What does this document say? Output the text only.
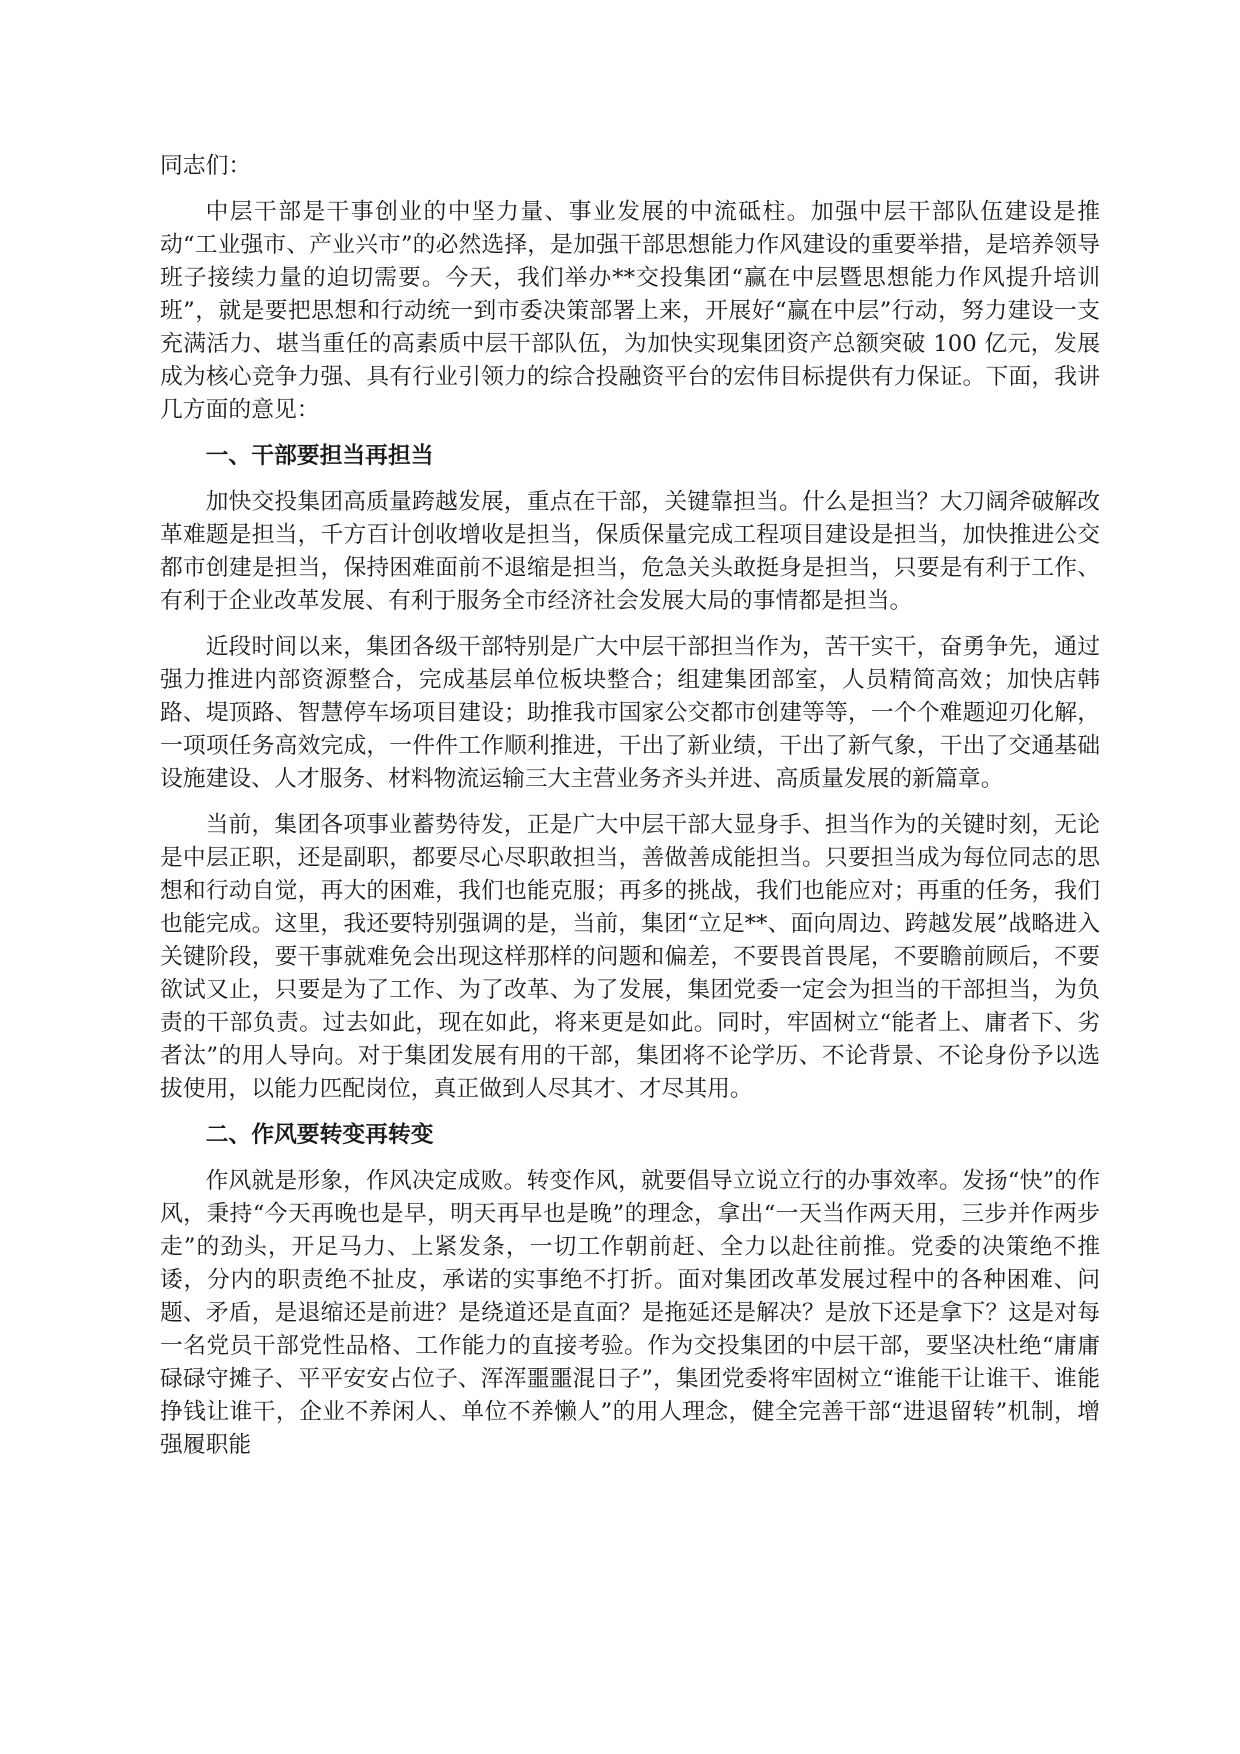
同志们：

中层干部是干事创业的中坚力量、事业发展的中流砥柱。加强中层干部队伍建设是推动“工业强市、产业兴市”的必然选择，是加强干部思想能力作风建设的重要举措，是培养领导班子接续力量的迫切需要。今天，我们举办**交投集团“赢在中层暨思想能力作风提升培训班”，就是要把思想和行动统一到市委决策部署上来，开展好“赢在中层”行动，努力建设一支充满活力、堪当重任的高素质中层干部队伍，为加快实现集团资产总额突破 100 亿元，发展成为核心竞争力强、具有行业引领力的综合投融资平台的宏伟目标提供有力保证。下面，我讲几方面的意见：

一、干部要担当再担当

加快交投集团高质量跨越发展，重点在干部，关键靠担当。什么是担当？大刀阔斧破解改革难题是担当，千方百计创收增收是担当，保质保量完成工程项目建设是担当，加快推进公交都市创建是担当，保持困难面前不退缩是担当，危急关头敢挺身是担当，只要是有利于工作、有利于企业改革发展、有利于服务全市经济社会发展大局的事情都是担当。

近段时间以来，集团各级干部特别是广大中层干部担当作为，苦干实干，奋勇争先，通过强力推进内部资源整合，完成基层单位板块整合；组建集团部室，人员精简高效；加快店韩路、堤顶路、智慧停车场项目建设；助推我市国家公交都市创建等等，一个个难题迎刃化解，一项项任务高效完成，一件件工作顺利推进，干出了新业绩，干出了新气象，干出了交通基础设施建设、人才服务、材料物流运输三大主营业务齐头并进、高质量发展的新篇章。

当前，集团各项事业蓄势待发，正是广大中层干部大显身手、担当作为的关键时刻，无论是中层正职，还是副职，都要尽心尽职敢担当，善做善成能担当。只要担当成为每位同志的思想和行动自觉，再大的困难，我们也能克服；再多的挑战，我们也能应对；再重的任务，我们也能完成。这里，我还要特别强调的是，当前，集团“立足**、面向周边、跨越发展”战略进入关键阶段，要干事就难免会出现这样那样的问题和偏差，不要畏首畏尾，不要瞻前顾后，不要欲试又止，只要是为了工作、为了改革、为了发展，集团党委一定会为担当的干部担当，为负责的干部负责。过去如此，现在如此，将来更是如此。同时，牢固树立“能者上、庸者下、劣者汰”的用人导向。对于集团发展有用的干部，集团将不论学历、不论背景、不论身份予以选拔使用，以能力匹配岗位，真正做到人尽其才、才尽其用。

二、作风要转变再转变

作风就是形象，作风决定成败。转变作风，就要倡导立说立行的办事效率。发扬“快”的作风，秉持“今天再晚也是早，明天再早也是晚”的理念，拿出“一天当作两天用，三步并作两步走”的劲头，开足马力、上紧发条，一切工作朝前赶、全力以赴往前推。党委的决策绝不推诿，分内的职责绝不扯皮，承诺的实事绝不打折。面对集团改革发展过程中的各种困难、问题、矛盾，是退缩还是前进？是绕道还是直面？是拖延还是解决？是放下还是拿下？这是对每一名党员干部党性品格、工作能力的直接考验。作为交投集团的中层干部，要坚决杜绝“庸庸碌碌守摊子、平平安安占位子、浑浑噩噩混日子”，集团党委将牢固树立“谁能干让谁干、谁能挣钱让谁干，企业不养闲人、单位不养懒人”的用人理念，健全完善干部“进退留转”机制，增强履职能
